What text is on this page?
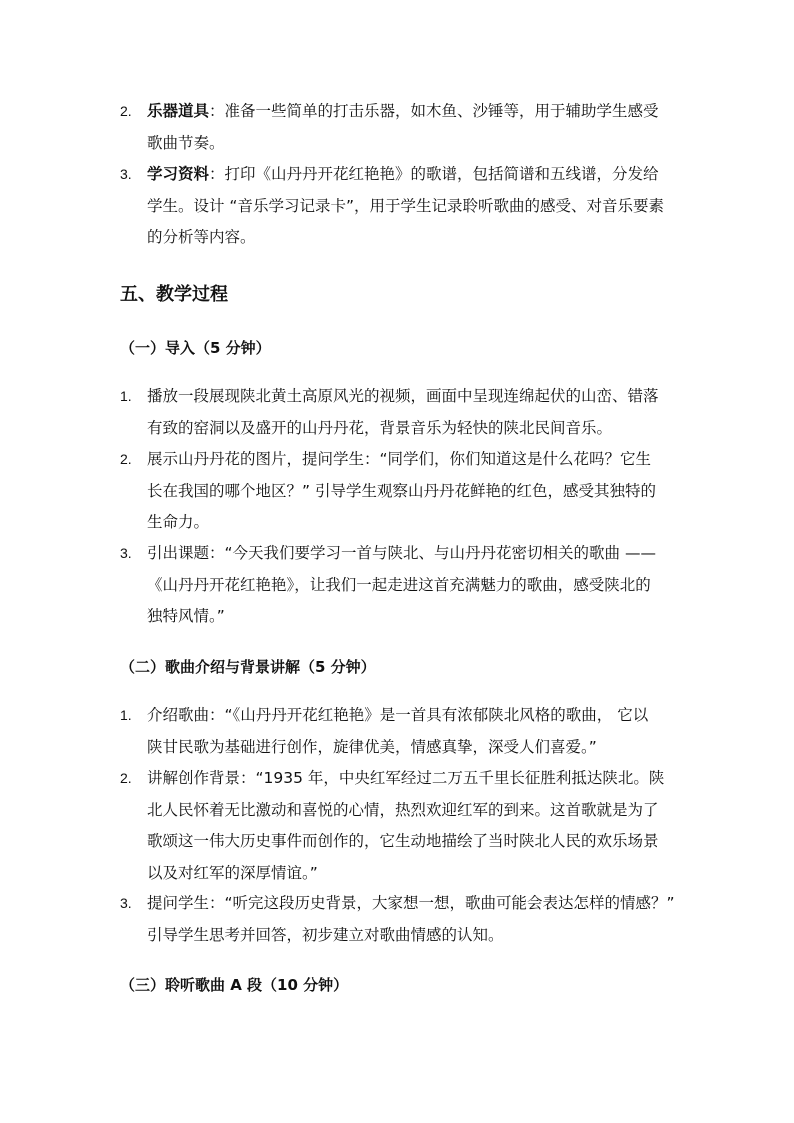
2. 乐器道具：准备一些简单的打击乐器，如木鱼、沙锤等，用于辅助学生感受
歌曲节奏。
3. 学习资料：打印《山丹丹开花红艳艳》的歌谱，包括简谱和五线谱，分发给
学生。设计 “音乐学习记录卡”，用于学生记录聆听歌曲的感受、对音乐要素
的分析等内容。
五、教学过程
（一）导入（5 分钟）
1. 播放一段展现陕北黄土高原风光的视频，画面中呈现连绵起伏的山峦、错落
有致的窑洞以及盛开的山丹丹花，背景音乐为轻快的陕北民间音乐。
2. 展示山丹丹花的图片，提问学生：“同学们，你们知道这是什么花吗？它生
长在我国的哪个地区？” 引导学生观察山丹丹花鲜艳的红色，感受其独特的
生命力。
3. 引出课题：“今天我们要学习一首与陕北、与山丹丹花密切相关的歌曲 ——
《山丹丹开花红艳艳》，让我们一起走进这首充满魅力的歌曲，感受陕北的
独特风情。”
（二）歌曲介绍与背景讲解（5 分钟）
1. 介绍歌曲：“《山丹丹开花红艳艳》是一首具有浓郁陕北风格的歌曲， 它以
陕甘民歌为基础进行创作，旋律优美，情感真挚，深受人们喜爱。”
2. 讲解创作背景：“1935 年，中央红军经过二万五千里长征胜利抵达陕北。陕
北人民怀着无比激动和喜悦的心情，热烈欢迎红军的到来。这首歌就是为了
歌颂这一伟大历史事件而创作的，它生动地描绘了当时陕北人民的欢乐场景
以及对红军的深厚情谊。”
3. 提问学生：“听完这段历史背景，大家想一想，歌曲可能会表达怎样的情感？”
引导学生思考并回答，初步建立对歌曲情感的认知。
（三）聆听歌曲 A 段（10 分钟）
